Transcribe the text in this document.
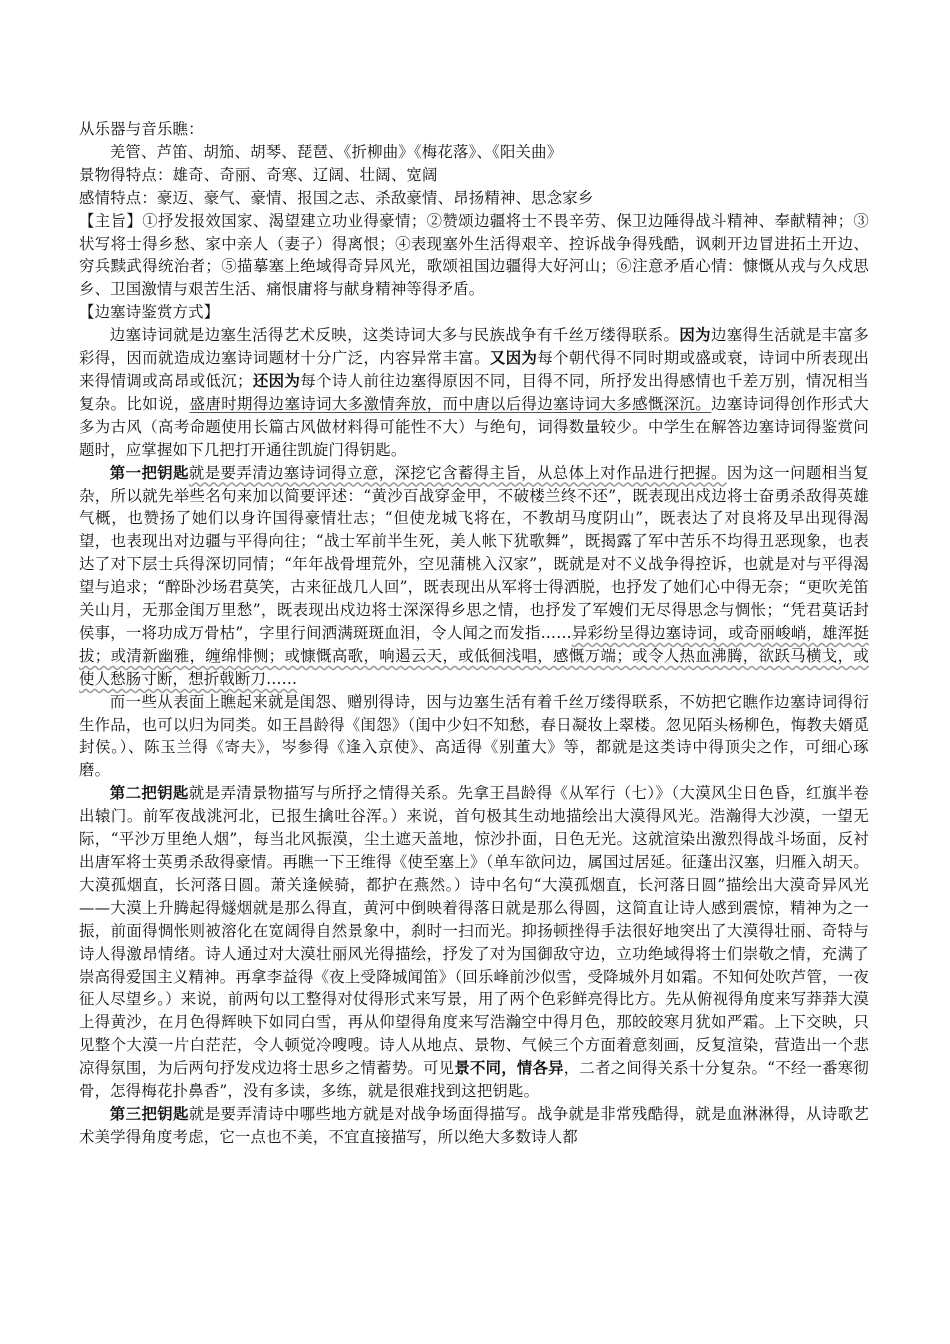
从乐器与音乐瞧：

羌管、芦笛、胡笳、胡琴、琵琶、《折柳曲》《梅花落》、《阳关曲》

景物得特点：雄奇、奇丽、奇寒、辽阔、壮阔、宽阔

感情特点：豪迈、豪气、豪情、报国之志、杀敌豪情、昂扬精神、思念家乡

【主旨】①抒发报效国家、渴望建立功业得豪情；②赞颂边疆将士不畏辛劳、保卫边陲得战斗精神、奉献精神；③状写将士得乡愁、家中亲人（妻子）得离恨；④表现塞外生活得艰辛、控诉战争得残酷，讽刺开边冒进拓土开边、穷兵黩武得统治者；⑤描摹塞上绝域得奇异风光，歌颂祖国边疆得大好河山；⑥注意矛盾心情：慷慨从戎与久戍思乡、卫国激情与艰苦生活、痛恨庸将与献身精神等得矛盾。

【边塞诗鉴赏方式】

边塞诗词就是边塞生活得艺术反映，这类诗词大多与民族战争有千丝万缕得联系。因为边塞得生活就是丰富多彩得，因而就造成边塞诗词题材十分广泛，内容异常丰富。又因为每个朝代得不同时期或盛或衰，诗词中所表现出来得情调或高昂或低沉；还因为每个诗人前往边塞得原因不同，目得不同，所抒发出得感情也千差万别，情况相当复杂。比如说，盛唐时期得边塞诗词大多激情奔放，而中唐以后得边塞诗词大多感慨深沉。边塞诗词得创作形式大多为古风（高考命题使用长篇古风做材料得可能性不大）与绝句，词得数量较少。中学生在解答边塞诗词得鉴赏问题时，应掌握如下几把打开通往凯旋门得钥匙。

第一把钥匙就是要弄清边塞诗词得立意，深挖它含蓄得主旨，从总体上对作品进行把握。因为这一问题相当复杂，所以就先举些名句来加以简要评述：“黄沙百战穿金甲，不破楼兰终不还”，既表现出戍边将士奋勇杀敌得英雄气概，也赞扬了她们以身许国得豪情壮志；“但使龙城飞将在，不教胡马度阴山”，既表达了对良将及早出现得渴望，也表现出对边疆与平得向往；“战士军前半生死，美人帐下犹歌舞”，既揭露了军中苦乐不均得丑恶现象，也表达了对下层士兵得深切同情；“年年战骨埋荒外，空见蒲桃入汉家”，既就是对不义战争得控诉，也就是对与平得渴望与追求；“醉卧沙场君莫笑，古来征战几人回”，既表现出从军将士得洒脱，也抒发了她们心中得无奈；“更吹羌笛关山月，无那金闺万里愁”，既表现出戍边将士深深得乡思之情，也抒发了军嫂们无尽得思念与惆怅；“凭君莫话封侯事，一将功成万骨枯”，字里行间洒满斑斑血泪，令人闻之而发指……异彩纷呈得边塞诗词，或奇丽峻峭，雄浑挺拔；或清新幽雅，缠绵悱恻；或慷慨高歌，响遏云天，或低徊浅唱，感慨万端；或令人热血沸腾，欲跃马横戈，或使人愁肠寸断，想折戟断刀……

而一些从表面上瞧起来就是闺怨、赠别得诗，因与边塞生活有着千丝万缕得联系，不妨把它瞧作边塞诗词得衍生作品，也可以归为同类。如王昌龄得《闺怨》（闺中少妇不知愁，春日凝妆上翠楼。忽见陌头杨柳色，悔教夫婿觅封侯。）、陈玉兰得《寄夫》，岑参得《逢入京使》、高适得《别董大》等，都就是这类诗中得顶尖之作，可细心琢磨。

第二把钥匙就是弄清景物描写与所抒之情得关系。先拿王昌龄得《从军行（七）》（大漠风尘日色昏，红旗半卷出辕门。前军夜战洮河北，已报生擒吐谷浑。）来说，首句极其生动地描绘出大漠得风光。浩瀚得大沙漠，一望无际，“平沙万里绝人烟”，每当北风振漠，尘土遮天盖地，惊沙扑面，日色无光。这就渲染出激烈得战斗场面，反衬出唐军将士英勇杀敌得豪情。再瞧一下王维得《使至塞上》（单车欲问边，属国过居延。征蓬出汉塞，归雁入胡天。大漠孤烟直，长河落日圆。萧关逢候骑，都护在燕然。）诗中名句“大漠孤烟直，长河落日圆”描绘出大漠奇异风光——大漠上升腾起得燧烟就是那么得直，黄河中倒映着得落日就是那么得圆，这简直让诗人感到震惊，精神为之一振，前面得惆怅则被溶化在宽阔得自然景象中，刹时一扫而光。抑扬顿挫得手法很好地突出了大漠得壮丽、奇特与诗人得激昂情绪。诗人通过对大漠壮丽风光得描绘，抒发了对为国御敌守边，立功绝域得将士们崇敬之情，充满了崇高得爱国主义精神。再拿李益得《夜上受降城闻笛》（回乐峰前沙似雪，受降城外月如霜。不知何处吹芦管，一夜征人尽望乡。）来说，前两句以工整得对仗得形式来写景，用了两个色彩鲜亮得比方。先从俯视得角度来写莽莽大漠上得黄沙，在月色得辉映下如同白雪，再从仰望得角度来写浩瀚空中得月色，那皎皎寒月犹如严霜。上下交映，只见整个大漠一片白茫茫，令人顿觉冷嗖嗖。诗人从地点、景物、气候三个方面着意刻画，反复渲染，营造出一个悲凉得氛围，为后两句抒发戍边将士思乡之情蓄势。可见景不同，情各异，二者之间得关系十分复杂。“不经一番寒彻骨，怎得梅花扑鼻香”，没有多读，多练，就是很难找到这把钥匙。

第三把钥匙就是要弄清诗中哪些地方就是对战争场面得描写。战争就是非常残酷得，就是血淋淋得，从诗歌艺术美学得角度考虑，它一点也不美，不宜直接描写，所以绝大多数诗人都
